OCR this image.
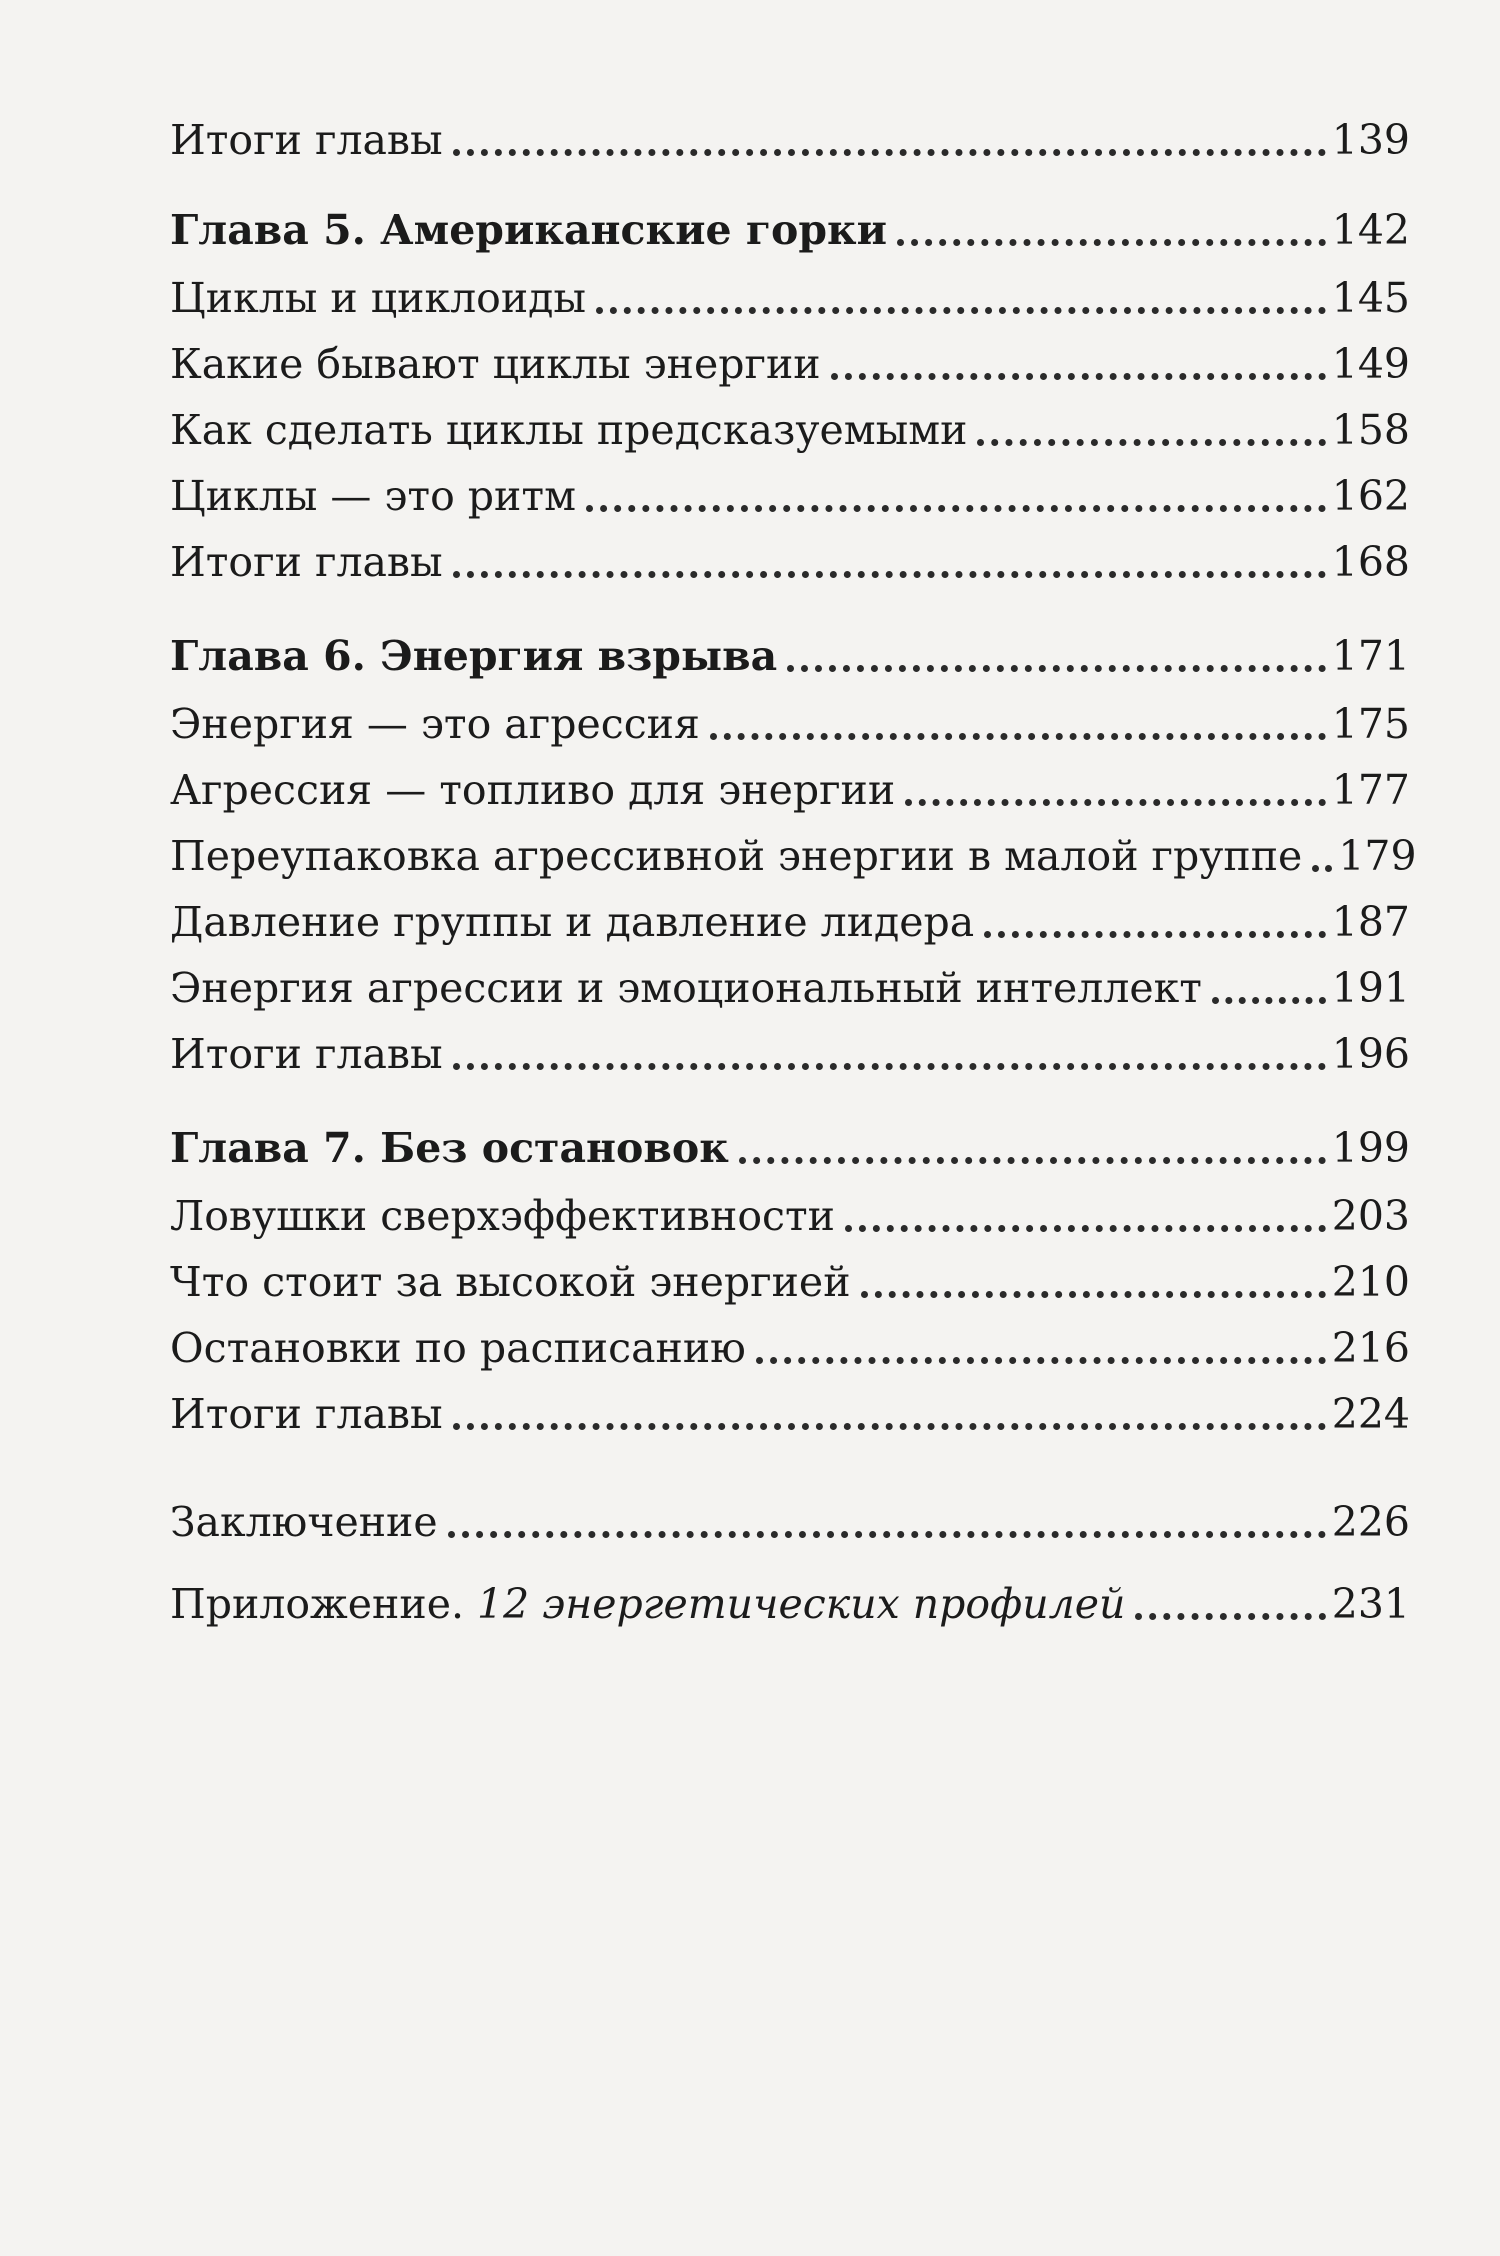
Итоги главы	139
Глава 5. Американские горки	142
Циклы и циклоиды	145
Какие бывают циклы энергии	149
Как сделать циклы предсказуемыми	158
Циклы — это ритм	162
Итоги главы	168
Глава 6. Энергия взрыва	171
Энергия — это агрессия	175
Агрессия — топливо для энергии	177
Переупаковка агрессивной энергии в малой группе 179
Давление группы и давление лидера	187
Энергия агрессии и эмоциональный интеллект	191
Итоги главы	196
Глава 7. Без остановок	199
Ловушки сверхэффективности	203
Что стоит за высокой энергией	210
Остановки по расписанию	216
Итоги главы	224
Заключение	226
Приложение. 12 энергетических профилей	231
